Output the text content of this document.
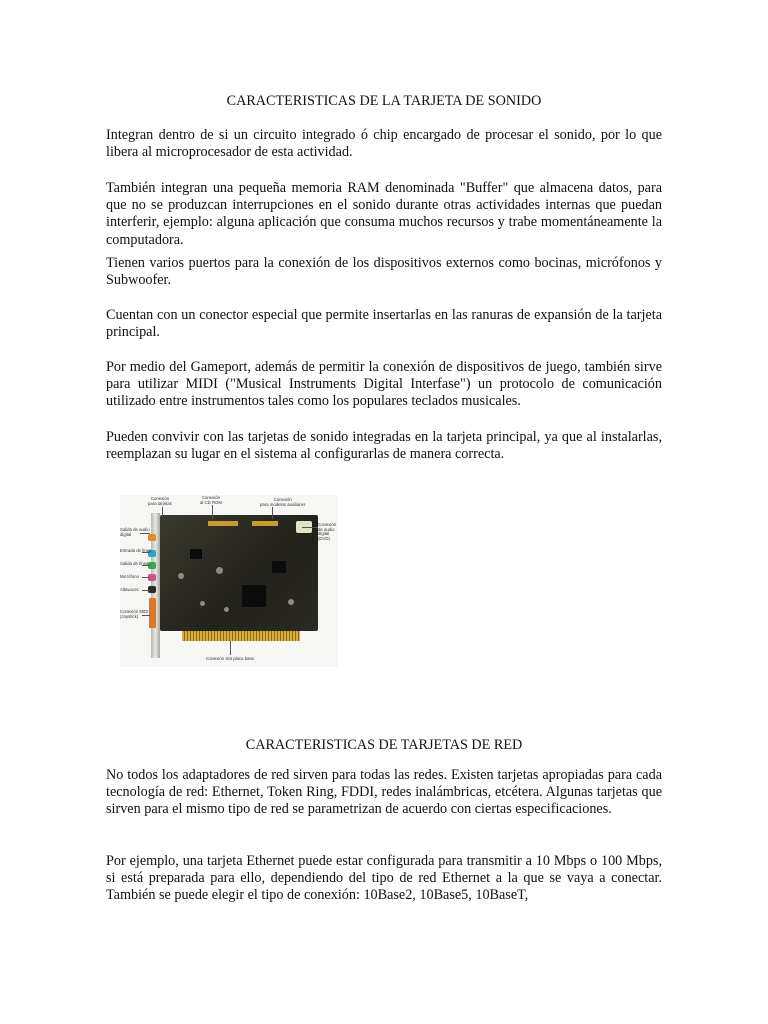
CARACTERISTICAS DE LA TARJETA DE SONIDO

Integran dentro de si un circuito integrado ó chip encargado de procesar el sonido, por lo que libera al microprocesador de esta actividad.

También integran una pequeña memoria RAM denominada "Buffer" que almacena datos, para que no se produzcan interrupciones en el sonido durante otras actividades internas que puedan interferir, ejemplo: alguna aplicación que consuma muchos recursos y trabe momentáneamente la computadora.

Tienen varios puertos para la conexión de los dispositivos externos como bocinas, micrófonos y Subwoofer.

Cuentan con un conector especial que permite insertarlas en las ranuras de expansión de la tarjeta principal.

Por medio del Gameport, además de permitir la conexión de dispositivos de juego, también sirve para utilizar MIDI ("Musical Instruments Digital Interfase") un protocolo de comunicación utilizado entre instrumentos tales como los populares teclados musicales.

Pueden convivir con las tarjetas de sonido integradas en la tarjeta principal, ya que al instalarlas, reemplazan su lugar en el sistema al configurarlas de manera correcta.

Conexión
para tarjetas
Conexión
al CD ROM
Conexión
para modelos auxiliares
Conexión
de audio digital (DVD)
Salida de audio
digital
Entrada de línea
Salida de línea
Micrófono
Altavoces
Conexión MIDI
(Joystick)
Conexión slot placa base
CARACTERISTICAS DE TARJETAS DE RED

No todos los adaptadores de red sirven para todas las redes. Existen tarjetas apropiadas para cada tecnología de red: Ethernet, Token Ring, FDDI, redes inalámbricas, etcétera. Algunas tarjetas que sirven para el mismo tipo de red se parametrizan de acuerdo con ciertas especificaciones.

Por ejemplo, una tarjeta Ethernet puede estar configurada para transmitir a 10 Mbps o 100 Mbps, si está preparada para ello, dependiendo del tipo de red Ethernet a la que se vaya a conectar. También se puede elegir el tipo de conexión: 10Base2, 10Base5, 10BaseT,
